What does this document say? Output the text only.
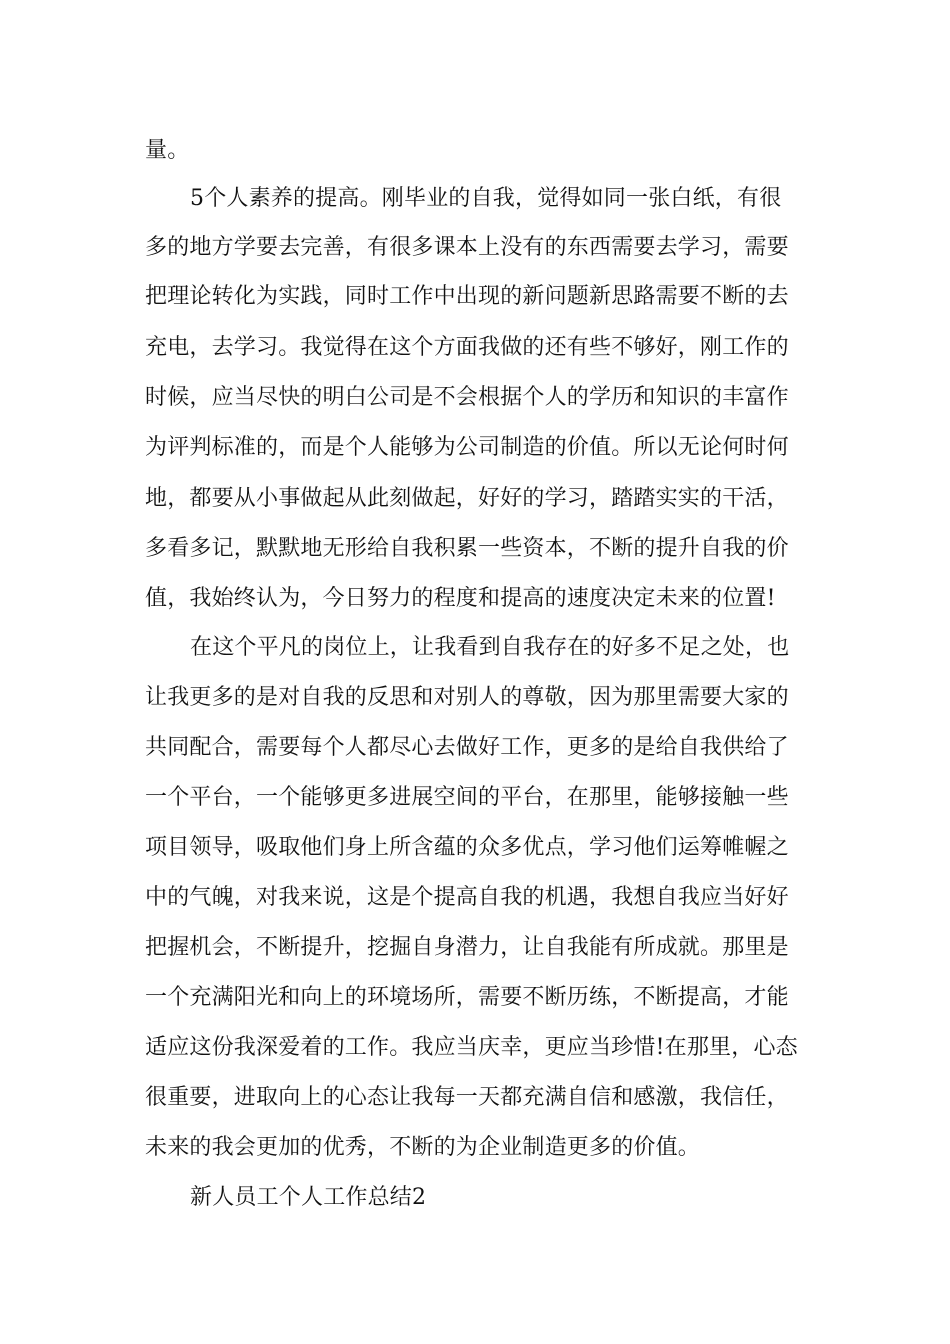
量。
5个人素养的提高。刚毕业的自我，觉得如同一张白纸，有很
多的地方学要去完善，有很多课本上没有的东西需要去学习，需要
把理论转化为实践，同时工作中出现的新问题新思路需要不断的去
充电，去学习。我觉得在这个方面我做的还有些不够好，刚工作的
时候，应当尽快的明白公司是不会根据个人的学历和知识的丰富作
为评判标准的，而是个人能够为公司制造的价值。所以无论何时何
地，都要从小事做起从此刻做起，好好的学习，踏踏实实的干活，
多看多记，默默地无形给自我积累一些资本，不断的提升自我的价
值，我始终认为，今日努力的程度和提高的速度决定未来的位置!
在这个平凡的岗位上，让我看到自我存在的好多不足之处，也
让我更多的是对自我的反思和对别人的尊敬，因为那里需要大家的
共同配合，需要每个人都尽心去做好工作，更多的是给自我供给了
一个平台，一个能够更多进展空间的平台，在那里，能够接触一些
项目领导，吸取他们身上所含蕴的众多优点，学习他们运筹帷幄之
中的气魄，对我来说，这是个提高自我的机遇，我想自我应当好好
把握机会，不断提升，挖掘自身潜力，让自我能有所成就。那里是
一个充满阳光和向上的环境场所，需要不断历练，不断提高，才能
适应这份我深爱着的工作。我应当庆幸，更应当珍惜!在那里，心态
很重要，进取向上的心态让我每一天都充满自信和感激，我信任，
未来的我会更加的优秀，不断的为企业制造更多的价值。
新人员工个人工作总结2
